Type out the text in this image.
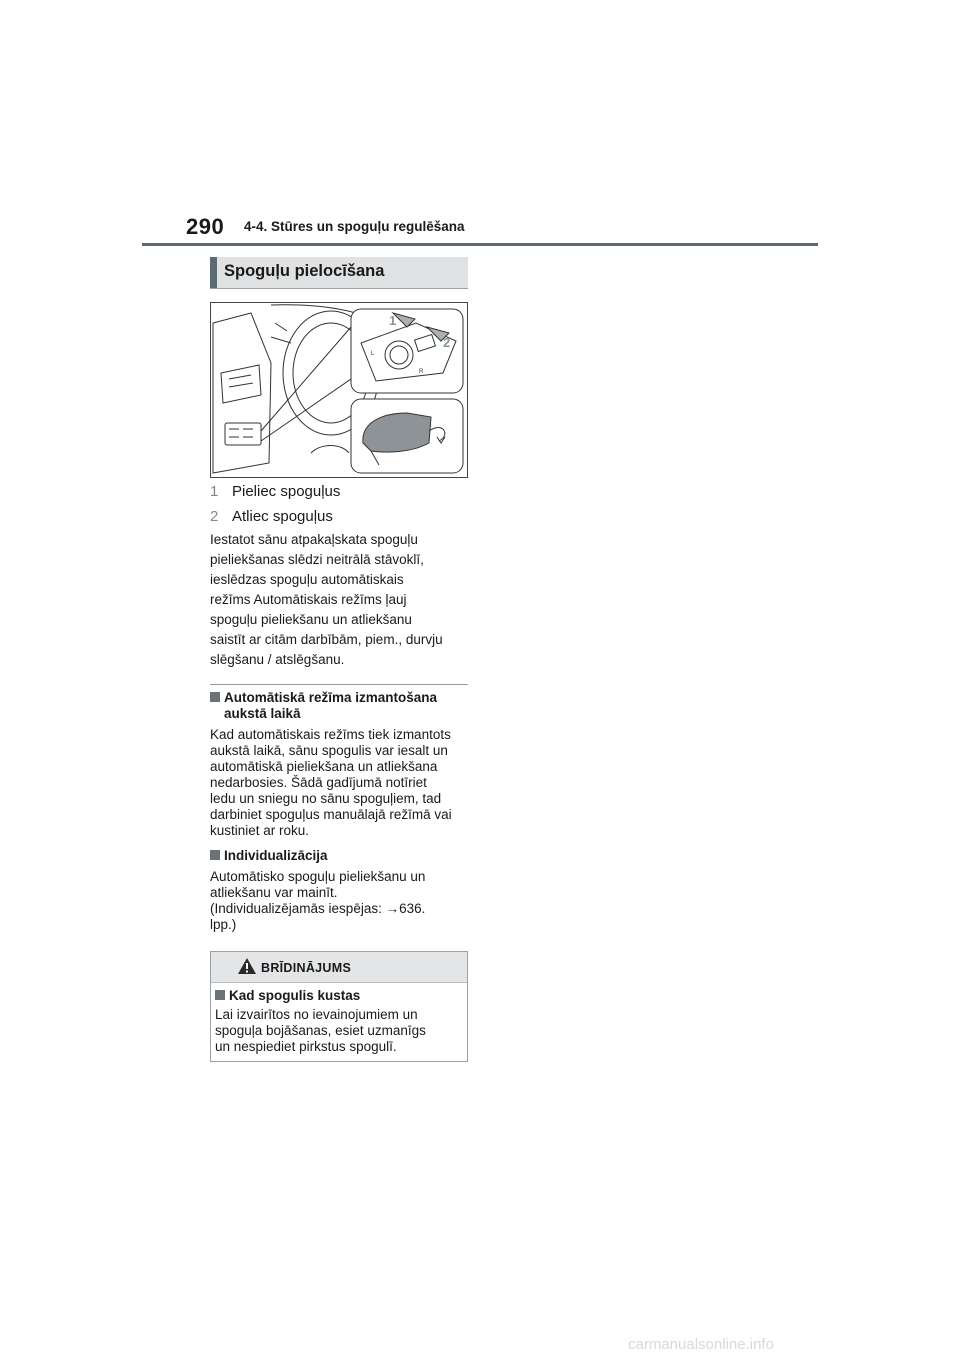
290 4-4. Stūres un spoguļu regulēšana
Spoguļu pielocīšana
1
2
L
R
1 Pieliec spoguļus
2 Atliec spoguļus
Iestatot sānu atpakaļskata spoguļu
pieliekšanas slēdzi neitrālā stāvoklī,
ieslēdzas spoguļu automātiskais
režīms Automātiskais režīms ļauj
spoguļu pieliekšanu un atliekšanu
saistīt ar citām darbībām, piem., durvju
slēgšanu / atslēgšanu.
Automātiskā režīma izmantošana
aukstā laikā
Kad automātiskais režīms tiek izmantots
aukstā laikā, sānu spogulis var iesalt un
automātiskā pieliekšana un atliekšana
nedarbosies. Šādā gadījumā notīriet
ledu un sniegu no sānu spoguļiem, tad
darbiniet spoguļus manuālajā režīmā vai
kustiniet ar roku.
Individualizācija
Automātisko spoguļu pieliekšanu un
atliekšanu var mainīt.
(Individualizējamās iespējas: →636.
lpp.)
BRĪDINĀJUMS
Kad spogulis kustas
Lai izvairītos no ievainojumiem un
spoguļa bojāšanas, esiet uzmanīgs
un nespiediet pirkstus spogulī.
carmanualsonline.info
